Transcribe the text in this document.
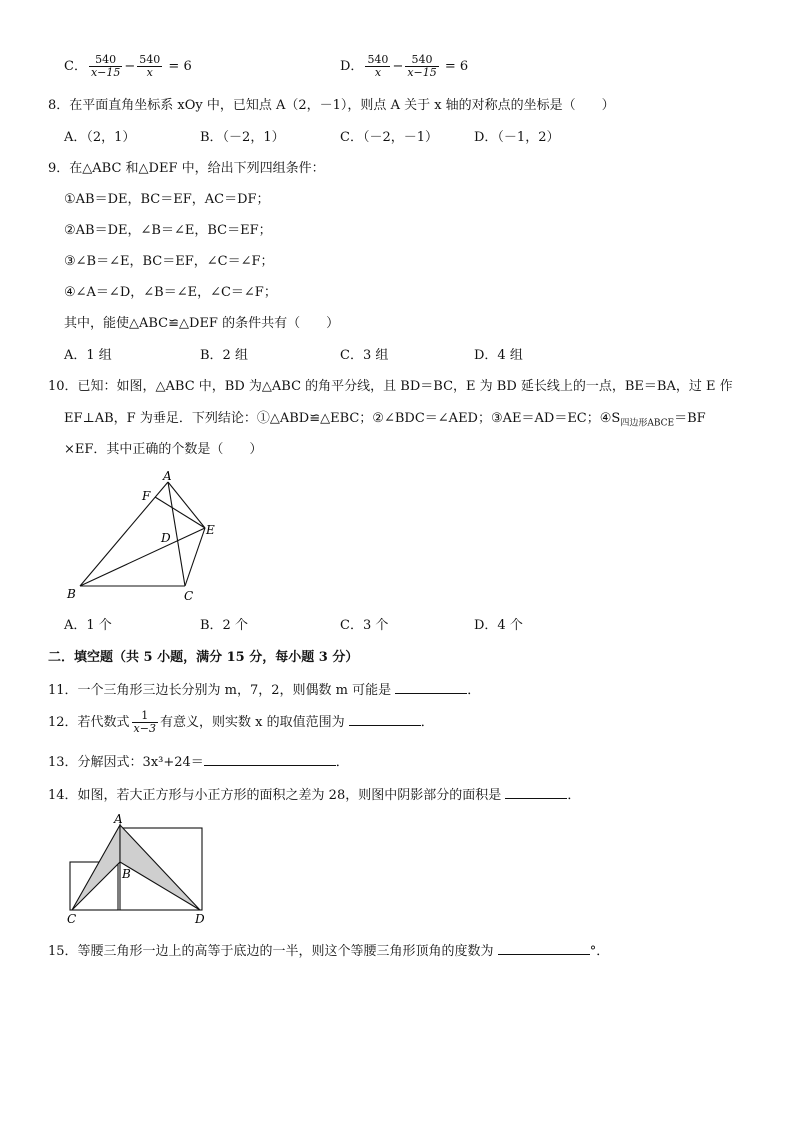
C． $\frac{540}{x-15} - \frac{540}{x} = 6$	D． $\frac{540}{x} - \frac{540}{x-15} = 6$
8．在平面直角坐标系 xOy 中，已知点 A（2，－1），则点 A 关于 x 轴的对称点的坐标是（　　）
A．（2，1）	B．（－2，1）	C．（－2，－1）	D．（－1，2）
9．在△ABC 和△DEF 中，给出下列四组条件：
①AB＝DE，BC＝EF，AC＝DF；
②AB＝DE，∠B＝∠E，BC＝EF；
③∠B＝∠E，BC＝EF，∠C＝∠F；
④∠A＝∠D，∠B＝∠E，∠C＝∠F；
其中，能使△ABC≌△DEF 的条件共有（　　）
A．1 组	B．2 组	C．3 组	D．4 组
10．已知：如图，△ABC 中，BD 为△ABC 的角平分线，且 BD＝BC，E 为 BD 延长线上的一点，BE＝BA，过 E 作
EF⊥AB，F 为垂足．下列结论：①△ABD≌△EBC；②∠BDC＝∠AED；③AE＝AD＝EC；$④S_{四边形ABCE}=BF$
×EF．其中正确的个数是（　　）
A
F
E
D
B	C
A．1 个	B．2 个	C．3 个	D．4 个
二．填空题（共 5 小题，满分 15 分，每小题 3 分）
11．一个三角形三边长分别为 m，7，2，则偶数 m 可能是	．
12．若代数式 $\frac{1}{x-3}$ 有意义，则实数 x 的取值范围为	．
13．分解因式：3x³+24＝	．
14．如图，若大正方形与小正方形的面积之差为 28，则图中阴影部分的面积是	．
A
B
C	D
15．等腰三角形一边上的高等于底边的一半，则这个等腰三角形顶角的度数为	°．
